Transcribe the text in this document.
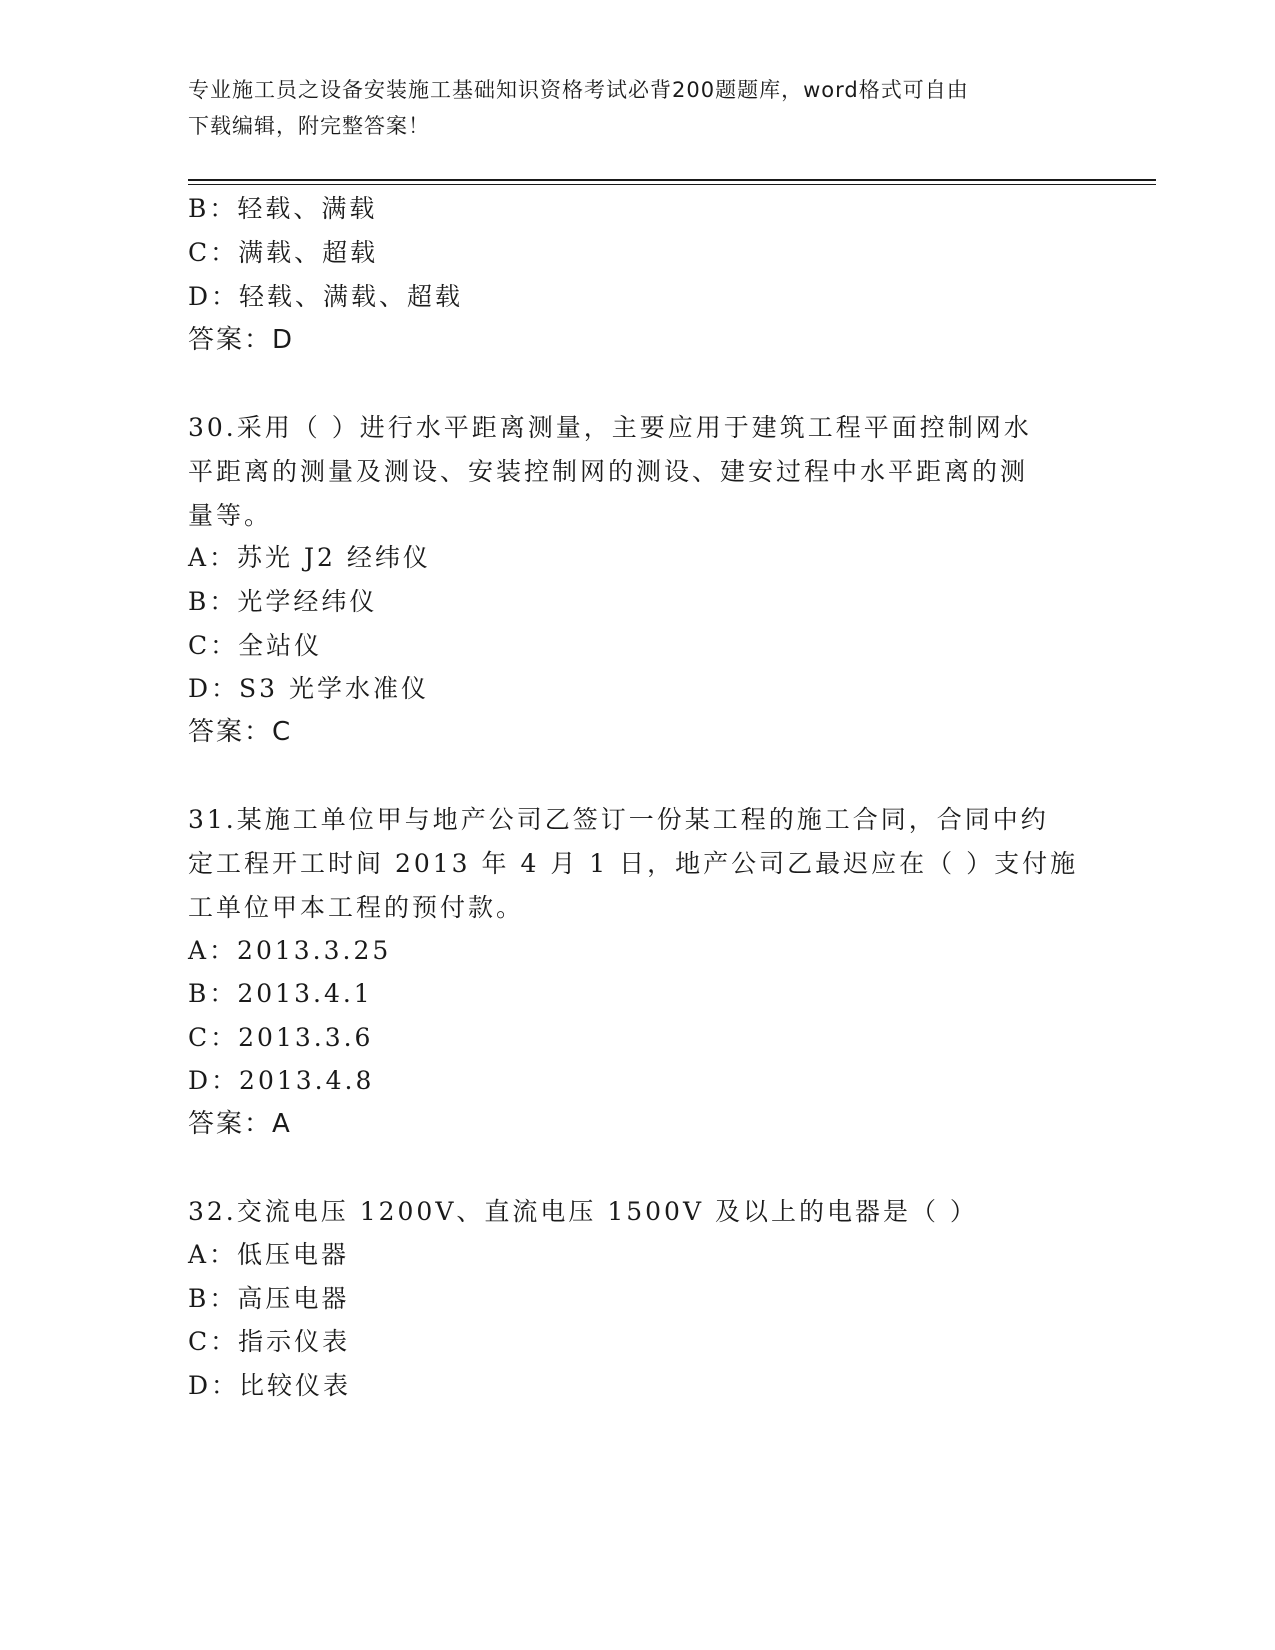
专业施工员之设备安装施工基础知识资格考试必背200题题库，word格式可自由
下载编辑，附完整答案！
B：轻载、满载
C：满载、超载
D：轻载、满载、超载
答案：D
30.采用（ ）进行水平距离测量，主要应用于建筑工程平面控制网水
平距离的测量及测设、安装控制网的测设、建安过程中水平距离的测
量等。
A：苏光 J2 经纬仪
B：光学经纬仪
C：全站仪
D：S3 光学水准仪
答案：C
31.某施工单位甲与地产公司乙签订一份某工程的施工合同，合同中约
定工程开工时间 2013 年 4 月 1 日，地产公司乙最迟应在（ ）支付施
工单位甲本工程的预付款。
A：2013.3.25
B：2013.4.1
C：2013.3.6
D：2013.4.8
答案：A
32.交流电压 1200V、直流电压 1500V 及以上的电器是（ ）
A：低压电器
B：高压电器
C：指示仪表
D：比较仪表
